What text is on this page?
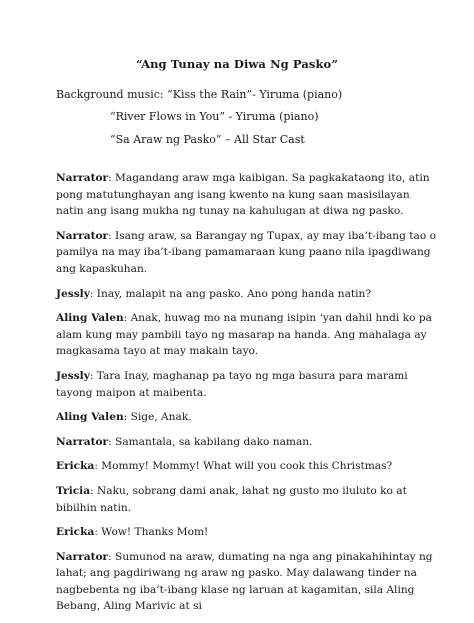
“Ang Tunay na Diwa Ng Pasko”
Background music: “Kiss the Rain”- Yiruma (piano)
“River Flows in You” - Yiruma (piano)
“Sa Araw ng Pasko” – All Star Cast

Narrator: Magandang araw mga kaibigan. Sa pagkakataong ito, atin pong matutunghayan ang isang kwento na kung saan masisilayan natin ang isang mukha ng tunay na kahulugan at diwa ng pasko.

Narrator: Isang araw, sa Barangay ng Tupax, ay may iba’t-ibang tao o pamilya na may iba’t-ibang pamamaraan kung paano nila ipagdiwang ang kapaskuhan.

Jessly: Inay, malapit na ang pasko. Ano pong handa natin?

Aling Valen: Anak, huwag mo na munang isipin ‘yan dahil hndi ko pa alam kung may pambili tayo ng masarap na handa. Ang mahalaga ay magkasama tayo at may makain tayo.

Jessly: Tara Inay, maghanap pa tayo ng mga basura para marami tayong maipon at maibenta.

Aling Valen: Sige, Anak.

Narrator: Samantala, sa kabilang dako naman.

Ericka: Mommy! Mommy! What will you cook this Christmas?

Tricia: Naku, sobrang dami anak, lahat ng gusto mo iluluto ko at bibilhin natin.

Ericka: Wow! Thanks Mom!

Narrator: Sumunod na araw, dumating na nga ang pinakahihintay ng lahat; ang pagdiriwang ng araw ng pasko. May dalawang tinder na nagbebenta ng iba’t-ibang klase ng laruan at kagamitan, sila Aling Bebang, Aling Marivic at si
